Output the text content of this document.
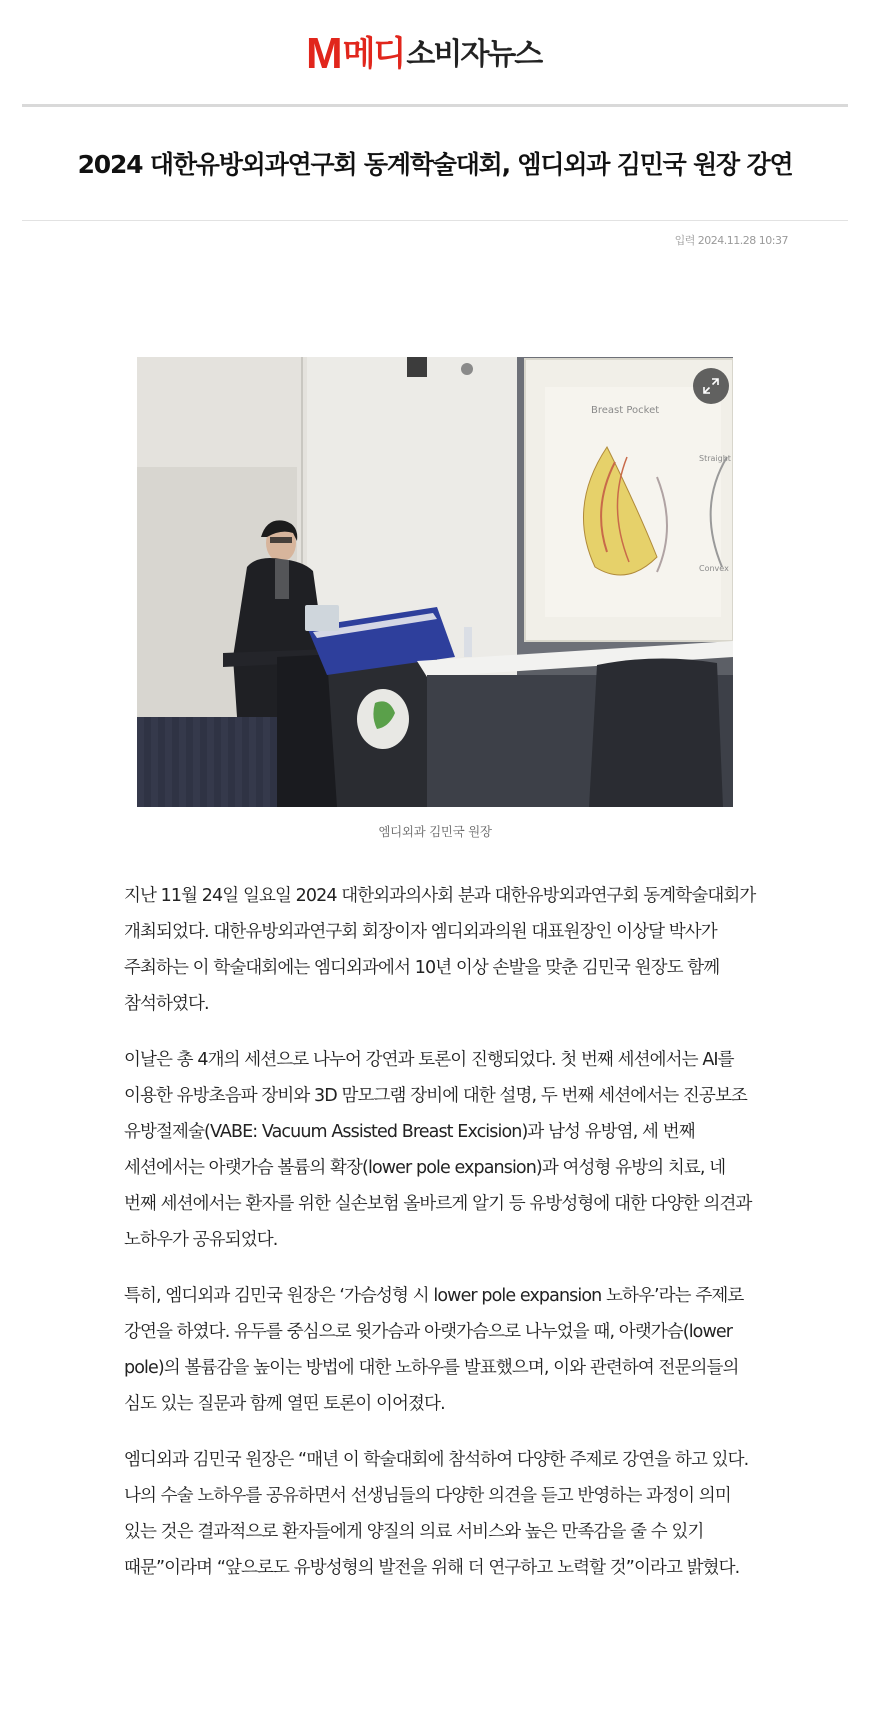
M 메디 소비자뉴스
2024 대한유방외과연구회 동계학술대회, 엠디외과 김민국 원장 강연
입력 2024.11.28 10:37
Breast Pocket
Straight
Convex
엠디외과 김민국 원장

지난 11월 24일 일요일 2024 대한외과의사회 분과 대한유방외과연구회 동계학술대회가 개최되었다. 대한유방외과연구회 회장이자 엠디외과의원 대표원장인 이상달 박사가 주최하는 이 학술대회에는 엠디외과에서 10년 이상 손발을 맞춘 김민국 원장도 함께 참석하였다.

이날은 총 4개의 세션으로 나누어 강연과 토론이 진행되었다. 첫 번째 세션에서는 AI를 이용한 유방초음파 장비와 3D 맘모그램 장비에 대한 설명, 두 번째 세션에서는 진공보조 유방절제술(VABE: Vacuum Assisted Breast Excision)과 남성 유방염, 세 번째 세션에서는 아랫가슴 볼륨의 확장(lower pole expansion)과 여성형 유방의 치료, 네 번째 세션에서는 환자를 위한 실손보험 올바르게 알기 등 유방성형에 대한 다양한 의견과 노하우가 공유되었다.

특히, 엠디외과 김민국 원장은 ‘가슴성형 시 lower pole expansion 노하우’라는 주제로 강연을 하였다. 유두를 중심으로 윗가슴과 아랫가슴으로 나누었을 때, 아랫가슴(lower pole)의 볼륨감을 높이는 방법에 대한 노하우를 발표했으며, 이와 관련하여 전문의들의 심도 있는 질문과 함께 열띤 토론이 이어졌다.

엠디외과 김민국 원장은 “매년 이 학술대회에 참석하여 다양한 주제로 강연을 하고 있다. 나의 수술 노하우를 공유하면서 선생님들의 다양한 의견을 듣고 반영하는 과정이 의미 있는 것은 결과적으로 환자들에게 양질의 의료 서비스와 높은 만족감을 줄 수 있기 때문”이라며 “앞으로도 유방성형의 발전을 위해 더 연구하고 노력할 것”이라고 밝혔다.
